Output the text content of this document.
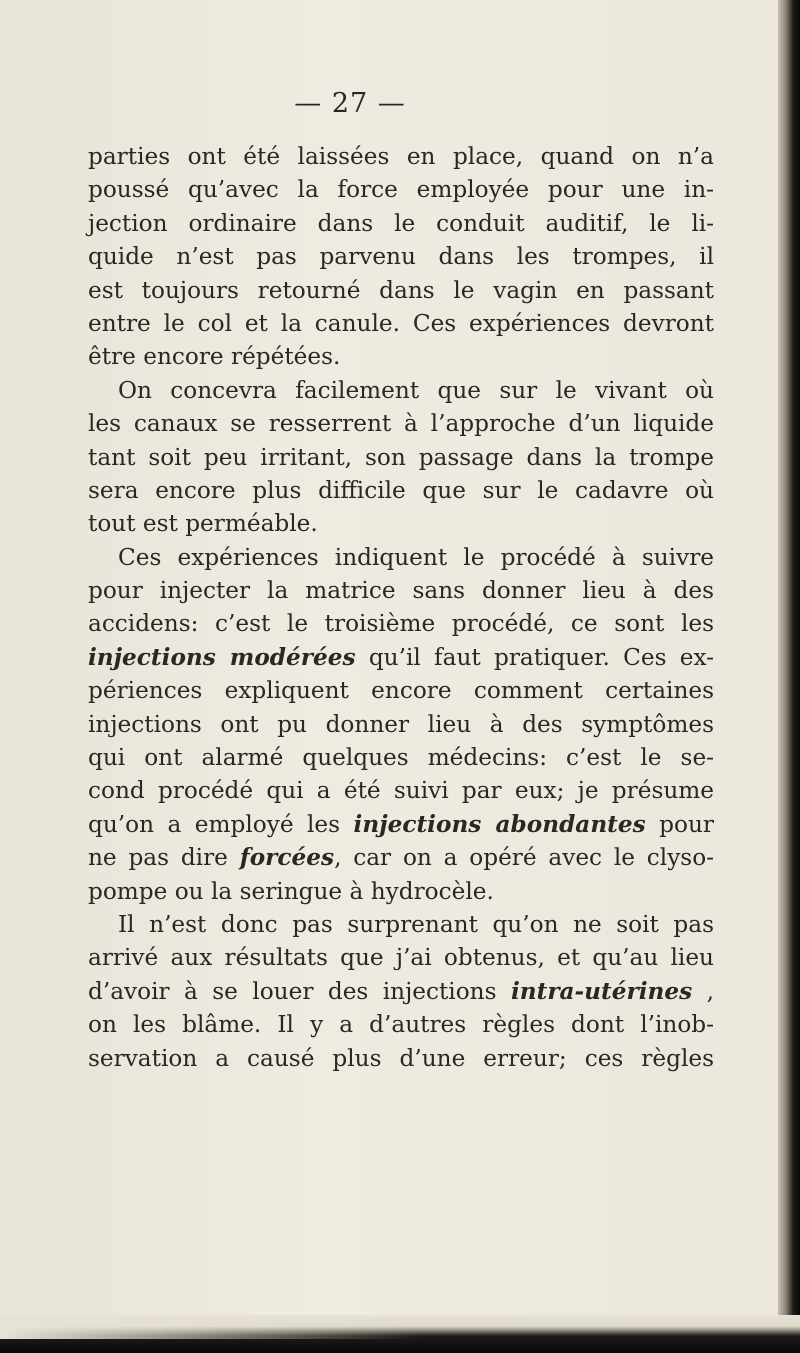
— 27 —
parties ont été laissées en place, quand on n’a
poussé qu’avec la force employée pour une in-
jection ordinaire dans le conduit auditif, le li-
quide n’est pas parvenu dans les trompes, il
est toujours retourné dans le vagin en passant
entre le col et la canule. Ces expériences devront
être encore répétées.
On concevra facilement que sur le vivant où
les canaux se resserrent à l’approche d’un liquide
tant soit peu irritant, son passage dans la trompe
sera encore plus difficile que sur le cadavre où
tout est perméable.
Ces expériences indiquent le procédé à suivre
pour injecter la matrice sans donner lieu à des
accidens: c’est le troisième procédé, ce sont les
injections modérées qu’il faut pratiquer. Ces ex-
périences expliquent encore comment certaines
injections ont pu donner lieu à des symptômes
qui ont alarmé quelques médecins: c’est le se-
cond procédé qui a été suivi par eux; je présume
qu’on a employé les injections abondantes pour
ne pas dire forcées, car on a opéré avec le clyso-
pompe ou la seringue à hydrocèle.
Il n’est donc pas surprenant qu’on ne soit pas
arrivé aux résultats que j’ai obtenus, et qu’au lieu
d’avoir à se louer des injections intra-utérines ,
on les blâme. Il y a d’autres règles dont l’inob-
servation a causé plus d’une erreur; ces règles
